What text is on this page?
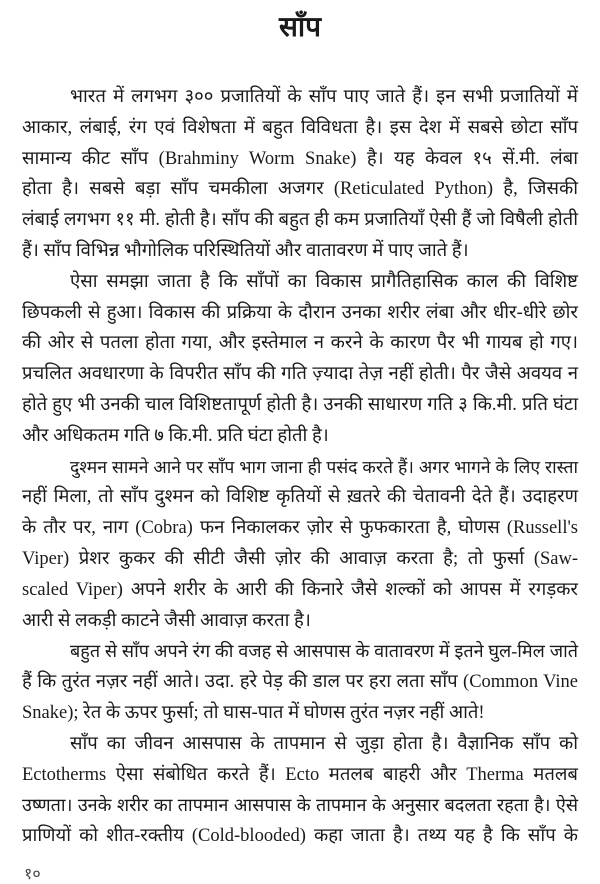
साँप
भारत में लगभग ३०० प्रजातियों के साँप पाए जाते हैं। इन सभी प्रजातियों में
आकार, लंबाई, रंग एवं विशेषता में बहुत विविधता है। इस देश में सबसे छोटा साँप
सामान्य कीट साँप (Brahminy Worm Snake) है। यह केवल १५ सें.मी. लंबा
होता है। सबसे बड़ा साँप चमकीला अजगर (Reticulated Python) है, जिसकी
लंबाई लगभग ११ मी. होती है। साँप की बहुत ही कम प्रजातियाँ ऐसी हैं जो विषैली होती
हैं। साँप विभिन्न भौगोलिक परिस्थितियों और वातावरण में पाए जाते हैं।
ऐसा समझा जाता है कि साँपों का विकास प्रागैतिहासिक काल की विशिष्ट
छिपकली से हुआ। विकास की प्रक्रिया के दौरान उनका शरीर लंबा और धीर-धीरे छोर
की ओर से पतला होता गया, और इस्तेमाल न करने के कारण पैर भी गायब हो गए।
प्रचलित अवधारणा के विपरीत साँप की गति ज़्यादा तेज़ नहीं होती। पैर जैसे अवयव न
होते हुए भी उनकी चाल विशिष्टतापूर्ण होती है। उनकी साधारण गति ३ कि.मी. प्रति घंटा
और अधिकतम गति ७ कि.मी. प्रति घंटा होती है।
दुश्मन सामने आने पर साँप भाग जाना ही पसंद करते हैं। अगर भागने के लिए रास्ता
नहीं मिला, तो साँप दुश्मन को विशिष्ट कृतियों से ख़तरे की चेतावनी देते हैं। उदाहरण
के तौर पर, नाग (Cobra) फन निकालकर ज़ोर से फुफकारता है, घोणस (Russell's
Viper) प्रेशर कुकर की सीटी जैसी ज़ोर की आवाज़ करता है; तो फुर्सा (Saw-
scaled Viper) अपने शरीर के आरी की किनारे जैसे शल्कों को आपस में रगड़कर
आरी से लकड़ी काटने जैसी आवाज़ करता है।
बहुत से साँप अपने रंग की वजह से आसपास के वातावरण में इतने घुल-मिल जाते
हैं कि तुरंत नज़र नहीं आते। उदा. हरे पेड़ की डाल पर हरा लता साँप (Common Vine
Snake); रेत के ऊपर फुर्सा; तो घास-पात में घोणस तुरंत नज़र नहीं आते!
साँप का जीवन आसपास के तापमान से जुड़ा होता है। वैज्ञानिक साँप को
Ectotherms ऐसा संबोधित करते हैं। Ecto मतलब बाहरी और Therma मतलब
उष्णता। उनके शरीर का तापमान आसपास के तापमान के अनुसार बदलता रहता है। ऐसे
प्राणियों को शीत-रक्तीय (Cold-blooded) कहा जाता है। तथ्य यह है कि साँप के
१०
